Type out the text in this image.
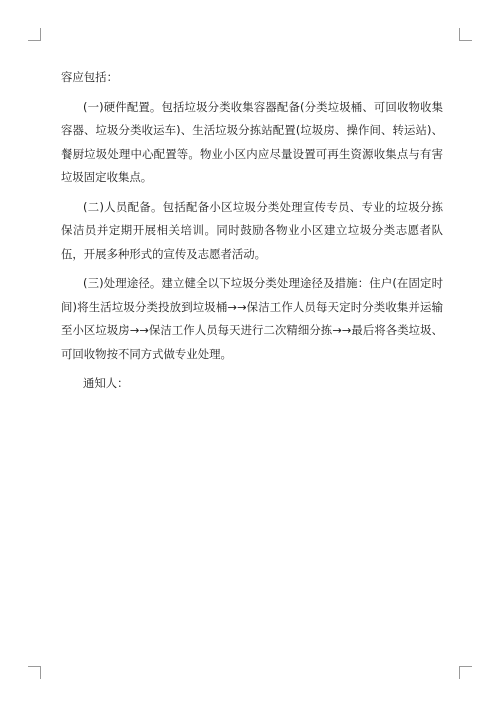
容应包括：

(一)硬件配置。包括垃圾分类收集容器配备(分类垃圾桶、可回收物收集容器、垃圾分类收运车)、生活垃圾分拣站配置(垃圾房、操作间、转运站)、餐厨垃圾处理中心配置等。物业小区内应尽量设置可再生资源收集点与有害垃圾固定收集点。

(二)人员配备。包括配备小区垃圾分类处理宣传专员、专业的垃圾分拣保洁员并定期开展相关培训。同时鼓励各物业小区建立垃圾分类志愿者队伍，开展多种形式的宣传及志愿者活动。

(三)处理途径。建立健全以下垃圾分类处理途径及措施：住户(在固定时间)将生活垃圾分类投放到垃圾桶→→保洁工作人员每天定时分类收集并运输至小区垃圾房→→保洁工作人员每天进行二次精细分拣→→最后将各类垃圾、可回收物按不同方式做专业处理。

通知人：
